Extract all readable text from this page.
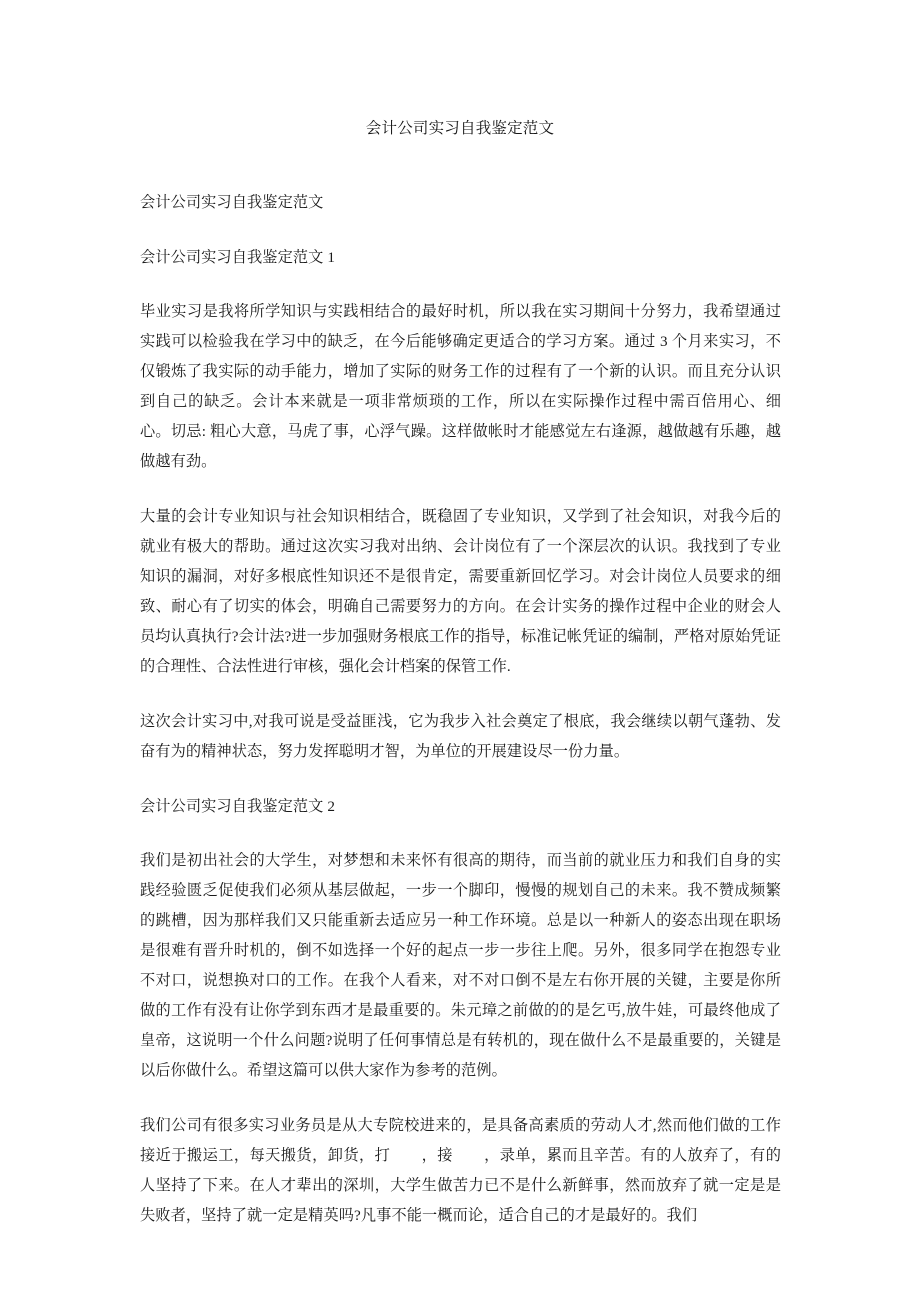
会计公司实习自我鉴定范文

会计公司实习自我鉴定范文

会计公司实习自我鉴定范文 1

毕业实习是我将所学知识与实践相结合的最好时机，所以我在实习期间十分努力，我希望通过实践可以检验我在学习中的缺乏，在今后能够确定更适合的学习方案。通过 3 个月来实习，不仅锻炼了我实际的动手能力，增加了实际的财务工作的过程有了一个新的认识。而且充分认识到自己的缺乏。会计本来就是一项非常烦琐的工作，所以在实际操作过程中需百倍用心、细心。切忌: 粗心大意，马虎了事，心浮气躁。这样做帐时才能感觉左右逢源，越做越有乐趣，越做越有劲。

大量的会计专业知识与社会知识相结合，既稳固了专业知识，又学到了社会知识，对我今后的就业有极大的帮助。通过这次实习我对出纳、会计岗位有了一个深层次的认识。我找到了专业知识的漏洞，对好多根底性知识还不是很肯定，需要重新回忆学习。对会计岗位人员要求的细致、耐心有了切实的体会，明确自己需要努力的方向。在会计实务的操作过程中企业的财会人员均认真执行?会计法?进一步加强财务根底工作的指导，标准记帐凭证的编制，严格对原始凭证的合理性、合法性进行审核，强化会计档案的保管工作.

这次会计实习中,对我可说是受益匪浅，它为我步入社会奠定了根底，我会继续以朝气蓬勃、发奋有为的精神状态，努力发挥聪明才智，为单位的开展建设尽一份力量。

会计公司实习自我鉴定范文 2

我们是初出社会的大学生，对梦想和未来怀有很高的期待，而当前的就业压力和我们自身的实践经验匮乏促使我们必须从基层做起，一步一个脚印，慢慢的规划自己的未来。我不赞成频繁的跳槽，因为那样我们又只能重新去适应另一种工作环境。总是以一种新人的姿态出现在职场是很难有晋升时机的，倒不如选择一个好的起点一步一步往上爬。另外，很多同学在抱怨专业不对口，说想换对口的工作。在我个人看来，对不对口倒不是左右你开展的关键，主要是你所做的工作有没有让你学到东西才是最重要的。朱元璋之前做的的是乞丐,放牛娃，可最终他成了皇帝，这说明一个什么问题?说明了任何事情总是有转机的，现在做什么不是最重要的，关键是以后你做什么。希望这篇可以供大家作为参考的范例。

我们公司有很多实习业务员是从大专院校进来的，是具备高素质的劳动人才,然而他们做的工作接近于搬运工，每天搬货，卸货，打　　，接　　，录单，累而且辛苦。有的人放弃了，有的人坚持了下来。在人才辈出的深圳，大学生做苦力已不是什么新鲜事，然而放弃了就一定是是失败者，坚持了就一定是精英吗?凡事不能一概而论，适合自己的才是最好的。我们
